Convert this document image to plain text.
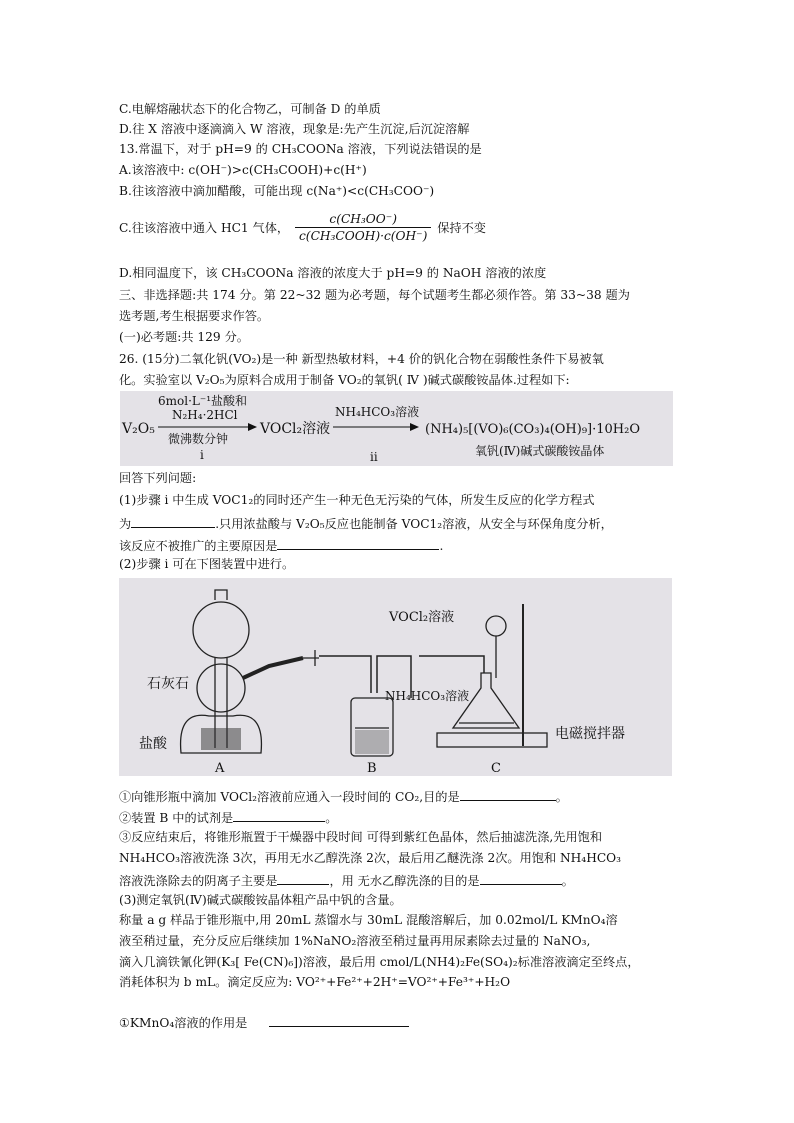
C.电解熔融状态下的化合物乙，可制备 D 的单质
D.往 X 溶液中逐滴滴入 W 溶液，现象是:先产生沉淀,后沉淀溶解
13.常温下，对于 pH=9 的 CH₃COONa 溶液，下列说法错误的是
A.该溶液中: c(OH⁻)>c(CH₃COOH)+c(H⁺)
B.往该溶液中滴加醋酸，可能出现 c(Na⁺)<c(CH₃COO⁻)
C.往该溶液中通入 HC1 气体， $\frac{\text{c(CH₃OO⁻)}}{\text{c(CH₃COOH)·c(OH⁻)}}$ 保持不变
D.相同温度下，该 CH₃COONa 溶液的浓度大于 pH=9 的 NaOH 溶液的浓度
三、非选择题:共 174 分。第 22~32 题为必考题，每个试题考生都必须作答。第 33~38 题为
选考题,考生根据要求作答。
(一)必考题:共 129 分。
26. (15分)二氧化钒(VO₂)是一种 新型热敏材料，+4 价的钒化合物在弱酸性条件下易被氧
化。实验室以 V₂O₅为原料合成用于制备 VO₂的氧钒( Ⅳ )碱式碳酸铵晶体.过程如下:
V₂O₅
6mol·L⁻¹盐酸和
N₂H₄·2HCl
微沸数分钟
i
VOCl₂溶液
NH₄HCO₃溶液
ii
(NH₄)₅[(VO)₆(CO₃)₄(OH)₉]·10H₂O
氧钒(Ⅳ)碱式碳酸铵晶体
回答下列问题:
(1)步骤 i 中生成 VOC1₂的同时还产生一种无色无污染的气体，所发生反应的化学方程式
为	.只用浓盐酸与 V₂O₅反应也能制备 VOC1₂溶液，从安全与环保角度分析，
该反应不被推广的主要原因是	.
(2)步骤 i 可在下图装置中进行。
石灰石
盐酸
VOCl₂溶液
NH₄HCO₃溶液
电磁搅拌器
A	B	C
①向锥形瓶中滴加 VOCl₂溶液前应通入一段时间的 CO₂,目的是	。
②装置 B 中的试剂是	。
③反应结束后，将锥形瓶置于干燥器中段时间 可得到紫红色晶体，然后抽滤洗涤,先用饱和
NH₄HCO₃溶液洗涤 3次，再用无水乙醇洗涤 2次，最后用乙醚洗涤 2次。用饱和 NH₄HCO₃
溶液洗涤除去的阴离子主要是	，用 无水乙醇洗涤的目的是	。
(3)测定氧钒(Ⅳ)碱式碳酸铵晶体粗产品中钒的含量。
称量 a g 样品于锥形瓶中,用 20mL 蒸馏水与 30mL 混酸溶解后，加 0.02mol/L KMnO₄溶
液至稍过量，充分反应后继续加 1%NaNO₂溶液至稍过量再用尿素除去过量的 NaNO₃,
滴入几滴铁氰化钾(K₃[ Fe(CN)₆])溶液，最后用 cmol/L(NH4)₂Fe(SO₄)₂标准溶液滴定至终点，
消耗体积为 b mL。滴定反应为: VO²⁺+Fe²⁺+2H⁺=VO²⁺+Fe³⁺+H₂O
①KMnO₄溶液的作用是
